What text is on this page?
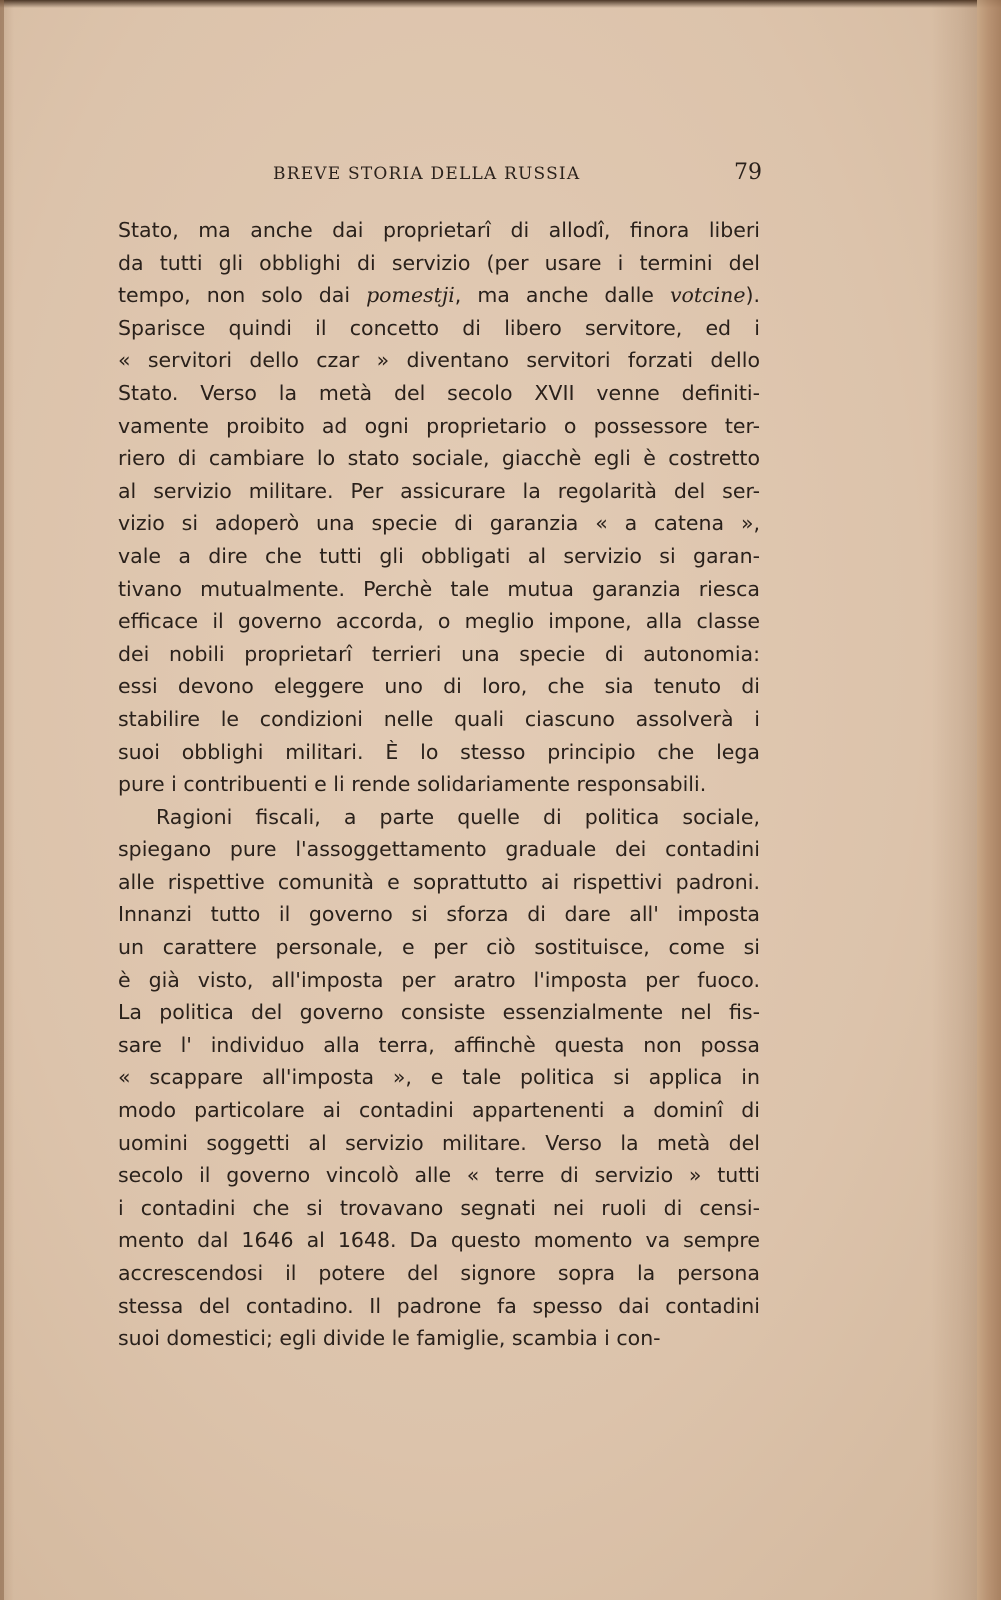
BREVE STORIA DELLA RUSSIA	79
Stato, ma anche dai proprietarî di allodî, finora liberi
da tutti gli obblighi di servizio (per usare i termini del
tempo, non solo dai pomestji, ma anche dalle votcine).
Sparisce quindi il concetto di libero servitore, ed i
« servitori dello czar » diventano servitori forzati dello
Stato. Verso la metà del secolo XVII venne definiti-
vamente proibito ad ogni proprietario o possessore ter-
riero di cambiare lo stato sociale, giacchè egli è costretto
al servizio militare. Per assicurare la regolarità del ser-
vizio si adoperò una specie di garanzia « a catena »,
vale a dire che tutti gli obbligati al servizio si garan-
tivano mutualmente. Perchè tale mutua garanzia riesca
efficace il governo accorda, o meglio impone, alla classe
dei nobili proprietarî terrieri una specie di autonomia:
essi devono eleggere uno di loro, che sia tenuto di
stabilire le condizioni nelle quali ciascuno assolverà i
suoi obblighi militari. È lo stesso principio che lega
pure i contribuenti e li rende solidariamente responsabili.
Ragioni fiscali, a parte quelle di politica sociale,
spiegano pure l'assoggettamento graduale dei contadini
alle rispettive comunità e soprattutto ai rispettivi padroni.
Innanzi tutto il governo si sforza di dare all' imposta
un carattere personale, e per ciò sostituisce, come si
è già visto, all'imposta per aratro l'imposta per fuoco.
La politica del governo consiste essenzialmente nel fis-
sare l' individuo alla terra, affinchè questa non possa
« scappare all'imposta », e tale politica si applica in
modo particolare ai contadini appartenenti a dominî di
uomini soggetti al servizio militare. Verso la metà del
secolo il governo vincolò alle « terre di servizio » tutti
i contadini che si trovavano segnati nei ruoli di censi-
mento dal 1646 al 1648. Da questo momento va sempre
accrescendosi il potere del signore sopra la persona
stessa del contadino. Il padrone fa spesso dai contadini
suoi domestici; egli divide le famiglie, scambia i con-
